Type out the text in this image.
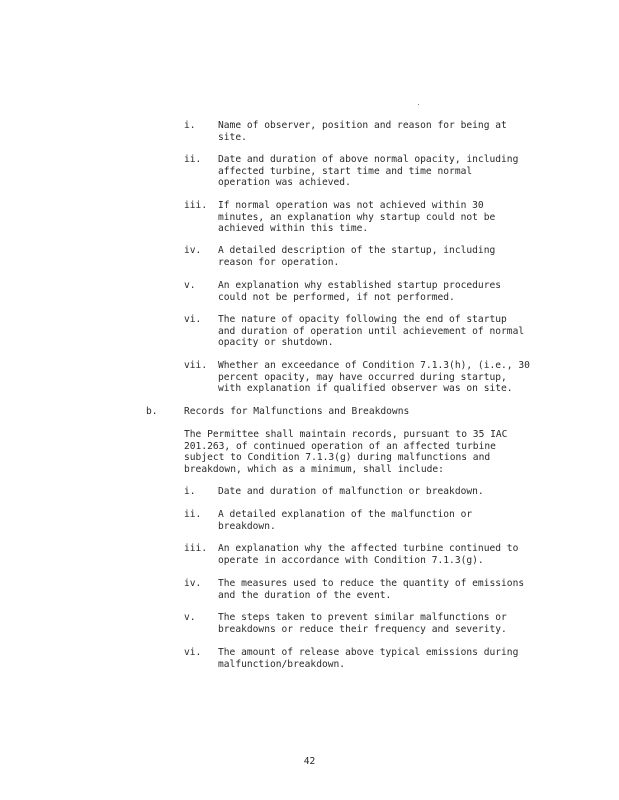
i.	Name of observer, position and reason for being at
site.
ii.	Date and duration of above normal opacity, including
affected turbine, start time and time normal
operation was achieved.
iii.	If normal operation was not achieved within 30
minutes, an explanation why startup could not be
achieved within this time.
iv.	A detailed description of the startup, including
reason for operation.
v.	An explanation why established startup procedures
could not be performed, if not performed.
vi.	The nature of opacity following the end of startup
and duration of operation until achievement of normal
opacity or shutdown.
vii.	Whether an exceedance of Condition 7.1.3(h), (i.e., 30
percent opacity, may have occurred during startup,
with explanation if qualified observer was on site.
b.	Records for Malfunctions and Breakdowns
The Permittee shall maintain records, pursuant to 35 IAC
201.263, of continued operation of an affected turbine
subject to Condition 7.1.3(g) during malfunctions and
breakdown, which as a minimum, shall include:
i.	Date and duration of malfunction or breakdown.
ii.	A detailed explanation of the malfunction or
breakdown.
iii.	An explanation why the affected turbine continued to
operate in accordance with Condition 7.1.3(g).
iv.	The measures used to reduce the quantity of emissions
and the duration of the event.
v.	The steps taken to prevent similar malfunctions or
breakdowns or reduce their frequency and severity.
vi.	The amount of release above typical emissions during
malfunction/breakdown.
42
